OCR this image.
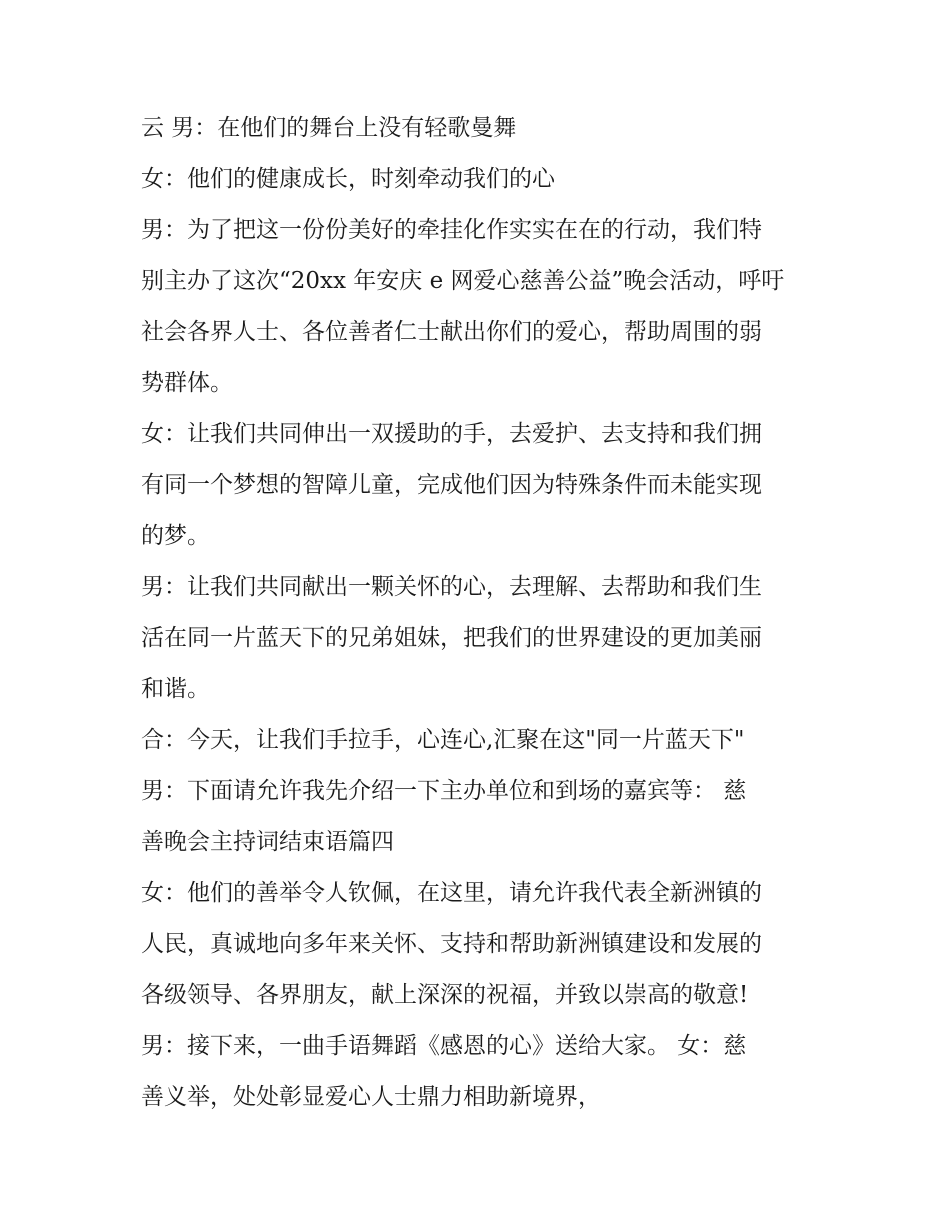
云 男：在他们的舞台上没有轻歌曼舞
女：他们的健康成长，时刻牵动我们的心
男：为了把这一份份美好的牵挂化作实实在在的行动，我们特
别主办了这次“20xx 年安庆 e 网爱心慈善公益”晚会活动，呼吁
社会各界人士、各位善者仁士献出你们的爱心，帮助周围的弱
势群体。
女：让我们共同伸出一双援助的手，去爱护、去支持和我们拥
有同一个梦想的智障儿童，完成他们因为特殊条件而未能实现
的梦。
男：让我们共同献出一颗关怀的心，去理解、去帮助和我们生
活在同一片蓝天下的兄弟姐妹，把我们的世界建设的更加美丽
和谐。
合：今天，让我们手拉手，心连心,汇聚在这"同一片蓝天下"
男：下面请允许我先介绍一下主办单位和到场的嘉宾等： 慈
善晚会主持词结束语篇四
女：他们的善举令人钦佩，在这里，请允许我代表全新洲镇的
人民，真诚地向多年来关怀、支持和帮助新洲镇建设和发展的
各级领导、各界朋友，献上深深的祝福，并致以崇高的敬意!
男：接下来，一曲手语舞蹈《感恩的心》送给大家。 女：慈
善义举，处处彰显爱心人士鼎力相助新境界，
